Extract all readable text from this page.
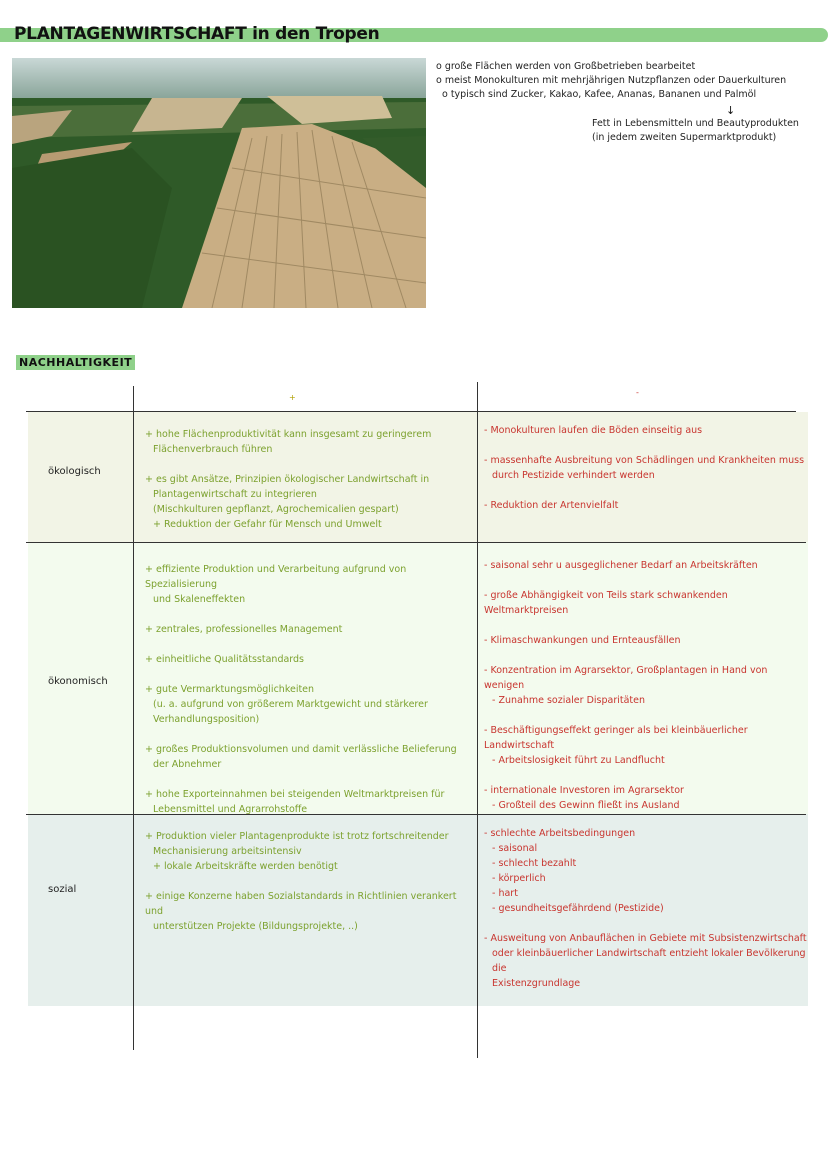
PLANTAGENWIRTSCHAFT in den Tropen
o große Flächen werden von Großbetrieben bearbeitet
o meist Monokulturen mit mehrjährigen Nutzpflanzen oder Dauerkulturen
o typisch sind Zucker, Kakao, Kafee, Ananas, Bananen und Palmöl
↓
Fett in Lebensmitteln und Beautyprodukten
(in jedem zweiten Supermarktprodukt)
NACHHALTIGKEIT
+
-
ökologisch

+ hohe Flächenproduktivität kann insgesamt zu geringerem

Flächenverbrauch führen

+ es gibt Ansätze, Prinzipien ökologischer Landwirtschaft in

Plantagenwirtschaft zu integrieren

(Mischkulturen gepflanzt, Agrochemicalien gespart)

+ Reduktion der Gefahr für Mensch und Umwelt

- Monokulturen laufen die Böden einseitig aus

- massenhafte Ausbreitung von Schädlingen und Krankheiten muss

durch Pestizide verhindert werden

- Reduktion der Artenvielfalt

ökonomisch

+ effiziente Produktion und Verarbeitung aufgrund von Spezialisierung

und Skaleneffekten

+ zentrales, professionelles Management

+ einheitliche Qualitätsstandards

+ gute Vermarktungsmöglichkeiten

(u. a. aufgrund von größerem Marktgewicht und stärkerer

Verhandlungsposition)

+ großes Produktionsvolumen und damit verlässliche Belieferung

der Abnehmer

+ hohe Exporteinnahmen bei steigenden Weltmarktpreisen für

Lebensmittel und Agrarrohstoffe

- saisonal sehr u ausgeglichener Bedarf an Arbeitskräften

- große Abhängigkeit von Teils stark schwankenden Weltmarktpreisen

- Klimaschwankungen und Ernteausfällen

- Konzentration im Agrarsektor, Großplantagen in Hand von wenigen

- Zunahme sozialer Disparitäten

- Beschäftigungseffekt geringer als bei kleinbäuerlicher Landwirtschaft

- Arbeitslosigkeit führt zu Landflucht

- internationale Investoren im Agrarsektor

- Großteil des Gewinn fließt ins Ausland

sozial

+ Produktion vieler Plantagenprodukte ist trotz fortschreitender

Mechanisierung arbeitsintensiv

+ lokale Arbeitskräfte werden benötigt

+ einige Konzerne haben Sozialstandards in Richtlinien verankert und

unterstützen Projekte (Bildungsprojekte, ..)

- schlechte Arbeitsbedingungen

- saisonal

- schlecht bezahlt

- körperlich

- hart

- gesundheitsgefährdend (Pestizide)

- Ausweitung von Anbauflächen in Gebiete mit Subsistenzwirtschaft

oder kleinbäuerlicher Landwirtschaft entzieht lokaler Bevölkerung die

Existenzgrundlage
